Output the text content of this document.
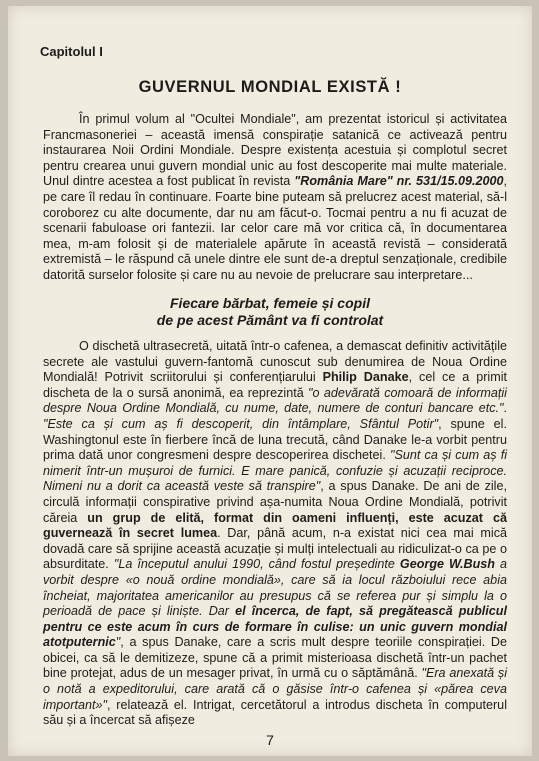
Capitolul I
GUVERNUL MONDIAL EXISTĂ !

În primul volum al "Ocultei Mondiale", am prezentat istoricul și activitatea Francmasoneriei – această imensă conspirație satanică ce activează pentru instaurarea Noii Ordini Mondiale. Despre existența acestuia și complotul secret pentru crearea unui guvern mondial unic au fost descoperite mai multe materiale. Unul dintre acestea a fost publicat în revista "România Mare" nr. 531/15.09.2000, pe care îl redau în continuare. Foarte bine puteam să prelucrez acest material, să-l coroborez cu alte documente, dar nu am făcut-o. Tocmai pentru a nu fi acuzat de scenarii fabuloase ori fantezii. Iar celor care mă vor critica că, în documentarea mea, m-am folosit și de materialele apărute în această revistă – considerată extremistă – le răspund că unele dintre ele sunt de-a dreptul senzaționale, credibile datorită surselor folosite și care nu au nevoie de prelucrare sau interpretare...

Fiecare bărbat, femeie și copil
de pe acest Pământ va fi controlat

O dischetă ultrasecretă, uitată într-o cafenea, a demascat definitiv activitățile secrete ale vastului guvern-fantomă cunoscut sub denumirea de Noua Ordine Mondială! Potrivit scriitorului și conferențiarului Philip Danake, cel ce a primit discheta de la o sursă anonimă, ea reprezintă "o adevărată comoară de informații despre Noua Ordine Mondială, cu nume, date, numere de conturi bancare etc.". "Este ca și cum aș fi descoperit, din întâmplare, Sfântul Potir", spune el. Washingtonul este în fierbere încă de luna trecută, când Danake le-a vorbit pentru prima dată unor congresmeni despre descoperirea dischetei. "Sunt ca și cum aș fi nimerit într-un mușuroi de furnici. E mare panică, confuzie și acuzații reciproce. Nimeni nu a dorit ca această veste să transpire", a spus Danake. De ani de zile, circulă informații conspirative privind așa-numita Noua Ordine Mondială, potrivit căreia un grup de elită, format din oameni influenți, este acuzat că guvernează în secret lumea. Dar, până acum, n-a existat nici cea mai mică dovadă care să sprijine această acuzație și mulți intelectuali au ridiculizat-o ca pe o absurditate. "La începutul anului 1990, când fostul președinte George W.Bush a vorbit despre «o nouă ordine mondială», care să ia locul războiului rece abia încheiat, majoritatea americanilor au presupus că se referea pur și simplu la o perioadă de pace și liniște. Dar el încerca, de fapt, să pregătească publicul pentru ce este acum în curs de formare în culise: un unic guvern mondial atotputernic", a spus Danake, care a scris mult despre teoriile conspirației. De obicei, ca să le demitizeze, spune că a primit misterioasa dischetă într-un pachet bine protejat, adus de un mesager privat, în urmă cu o săptămână. "Era anexată și o notă a expeditorului, care arată că o găsise într-o cafenea și «părea ceva important»", relatează el. Intrigat, cercetătorul a introdus discheta în computerul său și a încercat să afișeze

7
